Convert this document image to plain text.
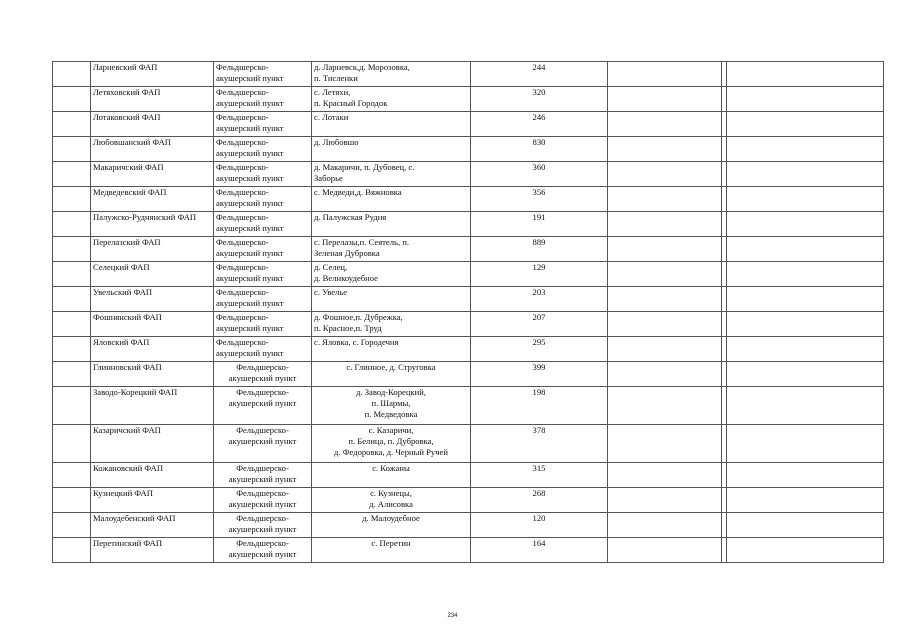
	Ларневский ФАП	Фельдшерско-
акушерский пункт	д. Ларневск,д. Морозовка,
п. Тисленки	244			
	Летяховский ФАП	Фельдшерско-
акушерский пункт	с. Летяхи,
п. Красный Городок	320			
	Лотаковский ФАП	Фельдшерско-
акушерский пункт	с. Лотаки	246			
	Любовшанский ФАП	Фельдшерско-
акушерский пункт	д. Любовшо	830			
	Макаричский ФАП	Фельдшерско-
акушерский пункт	д. Макаричи, п. Дубовец, с.
Заборье	360			
	Медведевский ФАП	Фельдшерско-
акушерский пункт	с. Медведи,д. Вяжновка	356			
	Палужско-Руднянский ФАП	Фельдшерско-
акушерский пункт	д. Палужская Рудня	191			
	Перелазский ФАП	Фельдшерско-
акушерский пункт	с. Перелазы,п. Сеятель, п.
Зеленая Дубровка	889			
	Селецкий ФАП	Фельдшерско-
акушерский пункт	д. Селец,
д. Великоудебное	129			
	Увельский ФАП	Фельдшерско-
акушерский пункт	с. Увелье	203			
	Фошнянский ФАП	Фельдшерско-
акушерский пункт	д. Фошное,п. Дубрежка,
п. Красное,п. Труд	207			
	Яловский ФАП	Фельдшерско-
акушерский пункт	с. Яловка, с. Городечня	295			
	Глинновский ФАП	Фельдшерско-
акушерский пункт	с. Глинное, д. Струговка	399			
	Заводо-Корецкий ФАП	Фельдшерско-
акушерский пункт	д. Завод-Корецкий,
п. Шармы,
п. Медведовка	198			
	Казаричский ФАП	Фельдшерско-
акушерский пункт	с. Казаричи,
п. Белица, п. Дубровка,
д. Федоровка, д. Черный Ручей	378			
	Кожановский ФАП	Фельдшерско-
акушерский пункт	с. Кожаны	315			
	Кузнецкий ФАП	Фельдшерско-
акушерский пункт	с. Кузнецы,
д. Алисовка	268			
	Малоудебенский ФАП	Фельдшерско-
акушерский пункт	д. Малоудебное	120			
	Перетинский ФАП	Фельдшерско-
акушерский пункт	с. Перетин	164			
234
